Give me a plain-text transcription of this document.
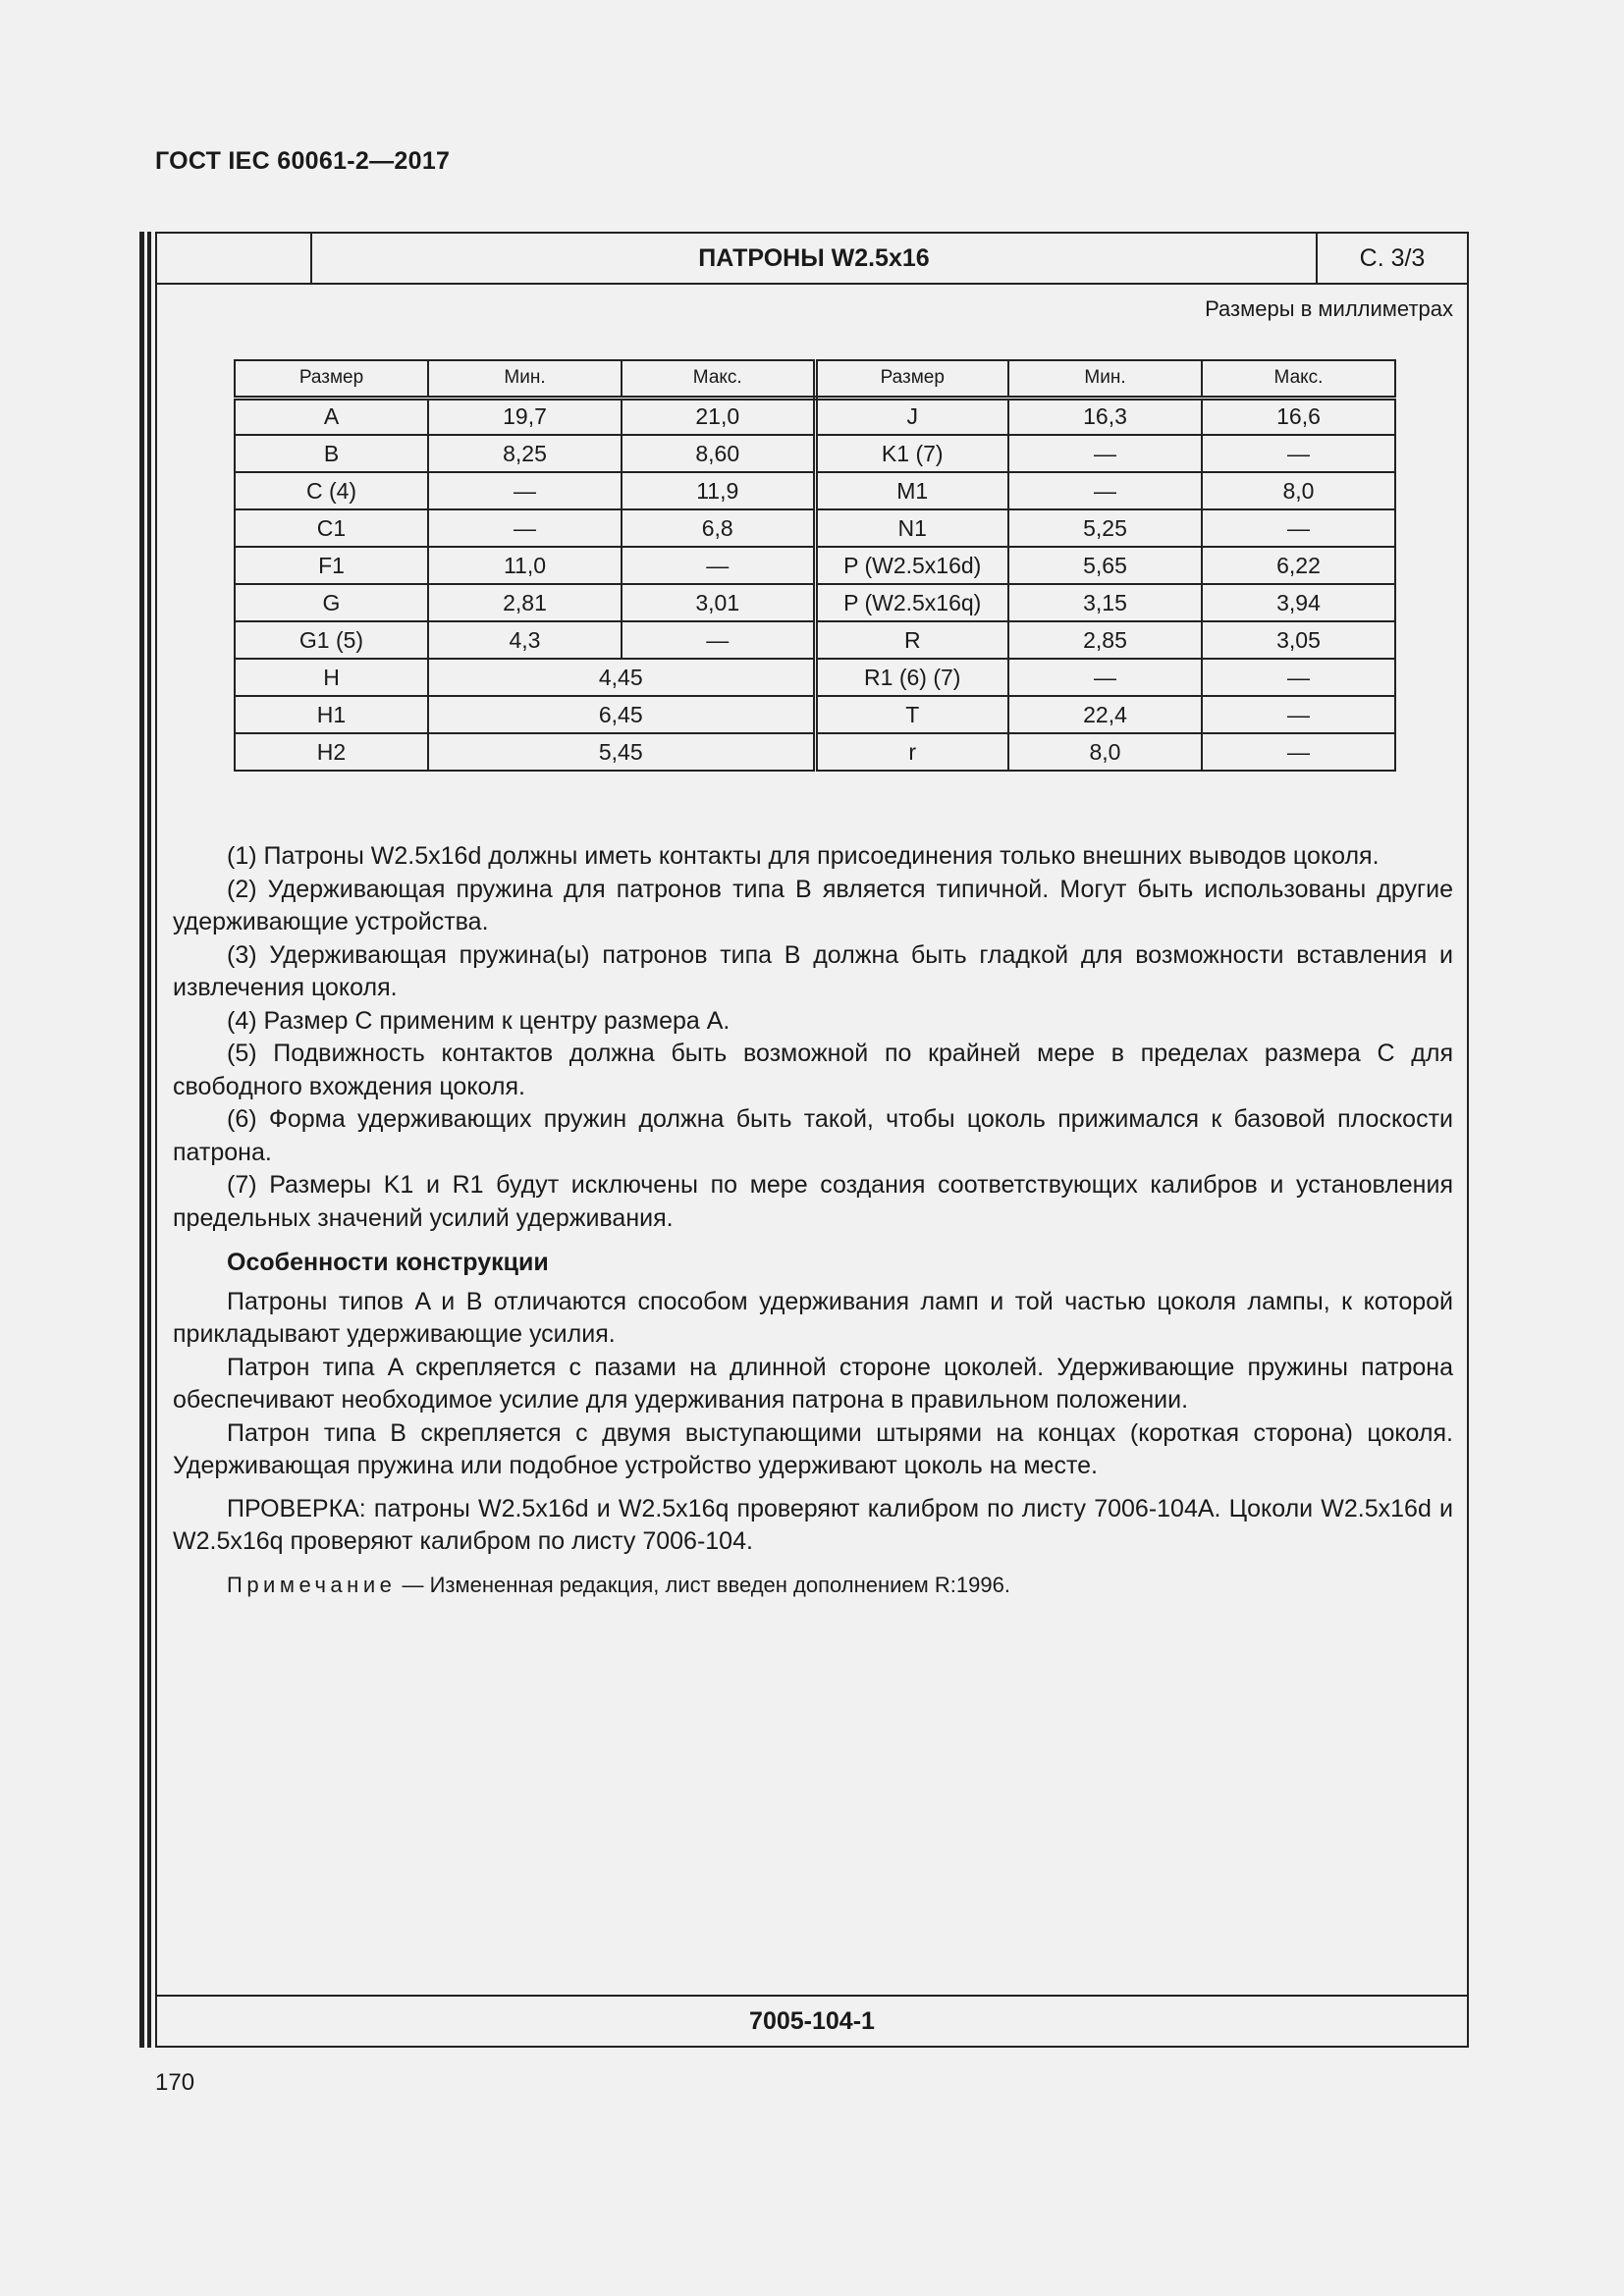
ГОСТ IEC 60061-2—2017
ПАТРОНЫ W2.5x16	С. 3/3
Размеры в миллиметрах
Размер	Мин.	Макс.	Размер	Мин.	Макс.
A	19,7	21,0	J	16,3	16,6
B	8,25	8,60	K1 (7)	—	—
C (4)	—	11,9	M1	—	8,0
C1	—	6,8	N1	5,25	—
F1	11,0	—	P (W2.5x16d)	5,65	6,22
G	2,81	3,01	P (W2.5x16q)	3,15	3,94
G1 (5)	4,3	—	R	2,85	3,05
H	4,45		R1 (6) (7)	—	—
H1	6,45		T	22,4	—
H2	5,45		r	8,0	—

(1) Патроны W2.5x16d должны иметь контакты для присоединения только внешних выводов цоколя.

(2) Удерживающая пружина для патронов типа B является типичной. Могут быть использованы другие удерживающие устройства.

(3) Удерживающая пружина(ы) патронов типа B должна быть гладкой для возможности вставления и извлечения цоколя.

(4) Размер C применим к центру размера A.

(5) Подвижность контактов должна быть возможной по крайней мере в пределах размера C для свободного вхождения цоколя.

(6) Форма удерживающих пружин должна быть такой, чтобы цоколь прижимался к базовой плоскости патрона.

(7) Размеры K1 и R1 будут исключены по мере создания соответствующих калибров и установления предельных значений усилий удерживания.

Особенности конструкции

Патроны типов A и B отличаются способом удерживания ламп и той частью цоколя лампы, к которой прикладывают удерживающие усилия.

Патрон типа A скрепляется с пазами на длинной стороне цоколей. Удерживающие пружины патрона обеспечивают необходимое усилие для удерживания патрона в правильном положении.

Патрон типа B скрепляется с двумя выступающими штырями на концах (короткая сторона) цоколя. Удерживающая пружина или подобное устройство удерживают цоколь на месте.

ПРОВЕРКА: патроны W2.5x16d и W2.5x16q проверяют калибром по листу 7006-104A. Цоколи W2.5x16d и W2.5x16q проверяют калибром по листу 7006-104.

Примечание — Измененная редакция, лист введен дополнением R:1996.

7005-104-1
170
